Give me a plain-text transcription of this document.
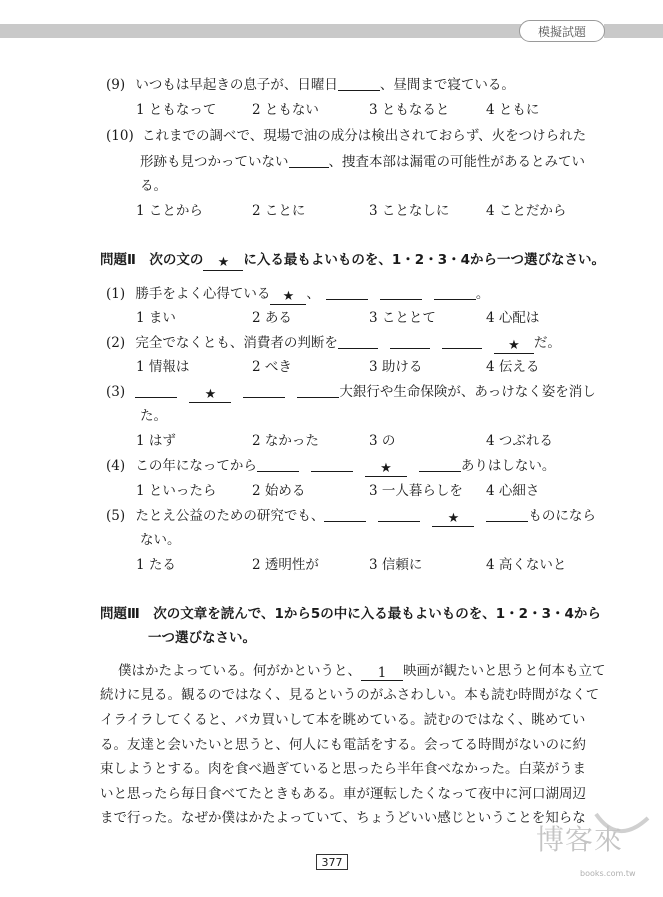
模擬試題
(9) いつもは早起きの息子が、日曜日	、昼間まで寝ている。
1 ともなって	2 ともない	3 ともなると	4 ともに
(10) これまでの調べで、現場で油の成分は検出されておらず、火をつけられた
形跡も見つかっていない	、捜査本部は漏電の可能性があるとみてい
る。
1 ことから	2 ことに	3 ことなしに	4 ことだから
問題Ⅱ　次の文の ★ に入る最もよいものを、1・2・3・4から一つ選びなさい。
(1) 勝手をよく心得ている ★ 、	。
1 まい	2 ある	3 こととて	4 心配は
(2) 完全でなくとも、消費者の判断を	★ だ。
1 情報は	2 べき	3 助ける	4 伝える
(3)	★	大銀行や生命保険が、あっけなく姿を消し
た。
1 はず	2 なかった	3 の	4 つぶれる
(4) この年になってから	★	ありはしない。
1 といったら	2 始める	3 一人暮らしを 4 心細さ
(5) たとえ公益のための研究でも、	★	ものになら
ない。
1 たる	2 透明性が	3 信頼に	4 高くないと
問題Ⅲ　次の文章を読んで、1から5の中に入る最もよいものを、1・2・3・4から
一つ選びなさい。
僕はかたよっている。何がかというと、 1 映画が観たいと思うと何本も立て
続けに見る。観るのではなく、見るというのがふさわしい。本も読む時間がなくて
イライラしてくると、バカ買いして本を眺めている。読むのではなく、眺めてい
る。友達と会いたいと思うと、何人にも電話をする。会ってる時間がないのに約
束しようとする。肉を食べ過ぎていると思ったら半年食べなかった。白菜がうま
いと思ったら毎日食べてたときもある。車が運転したくなって夜中に河口湖周辺
まで行った。なぜか僕はかたよっていて、ちょうどいい感じということを知らな
377
博客來
books.com.tw
